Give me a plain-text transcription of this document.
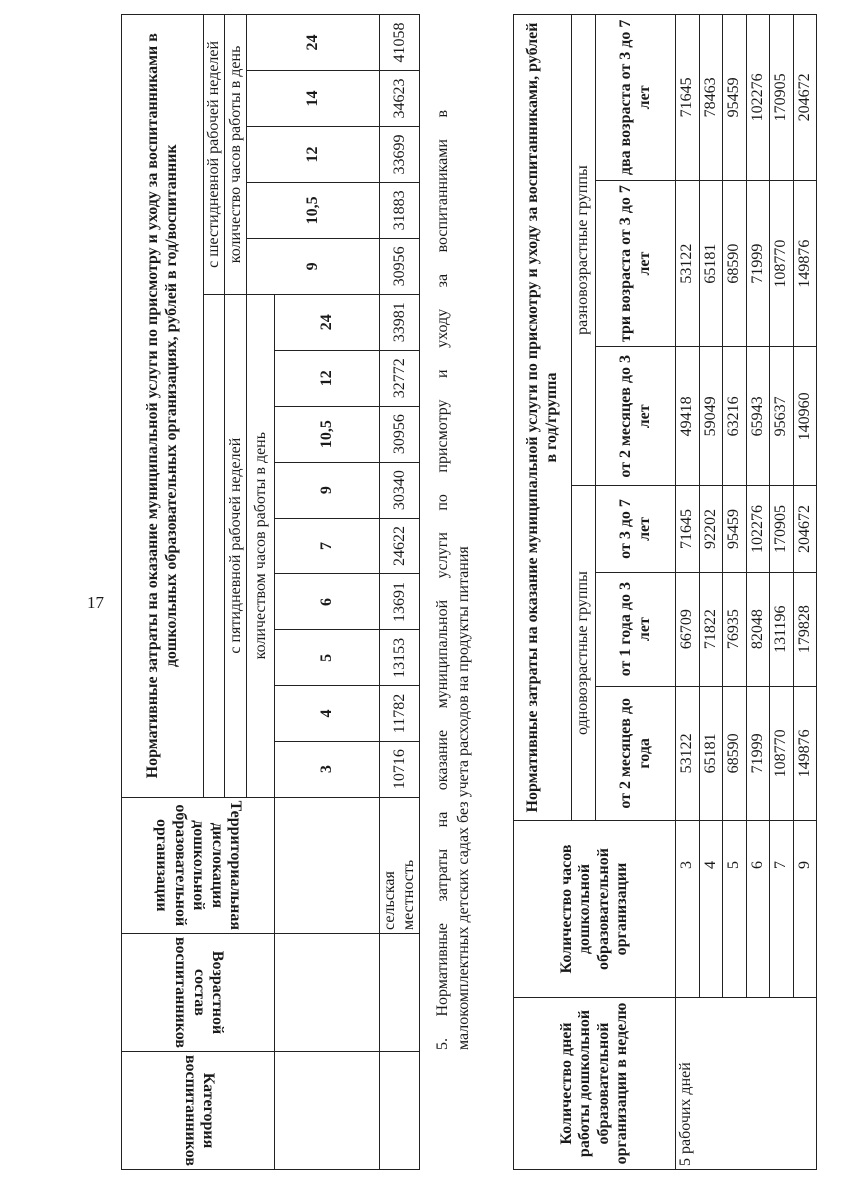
17
Категория воспитанников	Возрастной состав воспитанников	Территориальная дислокация дошкольной образовательной организации	Нормативные затраты на оказание муниципальной услуги по присмотру и уходу за воспитанниками в дошкольных образовательных организациях, рублей в год/воспитанник													
												с шестидневной рабочей неделей				
			с пятидневной рабочей неделей									количество часов работы в день				
			количеством часов работы в день									9	10,5	12	14	24
			3	4	5	6	7	9	10,5	12	24					
		сельская местность	10716	11782	13153	13691	24622	30340	30956	32772	33981	30956	31883	33699	34623	41058
5. Нормативные затраты на оказание муниципальной услуги по присмотру и уходу за воспитанниками в малокомплектных детских садах без учета расходов на продукты питания
Количество дней работы дошкольной образовательной организации в неделю	Количество часов дошкольной образовательной организации	Нормативные затраты на оказание муниципальной услуги по присмотру и уходу за воспитанниками, рублей в год/группа					
		одновозрастные группы			разновозрастные группы		
		от 2 месяцев до года	от 1 года до 3 лет	от 3 до 7 лет	от 2 месяцев до 3 лет	три возраста от 3 до 7 лет	два возраста от 3 до 7 лет
5 рабочих дней	3	53122	66709	71645	49418	53122	71645
	4	65181	71822	92202	59049	65181	78463
	5	68590	76935	95459	63216	68590	95459
	6	71999	82048	102276	65943	71999	102276
	7	108770	131196	170905	95637	108770	170905
	9	149876	179828	204672	140960	149876	204672
